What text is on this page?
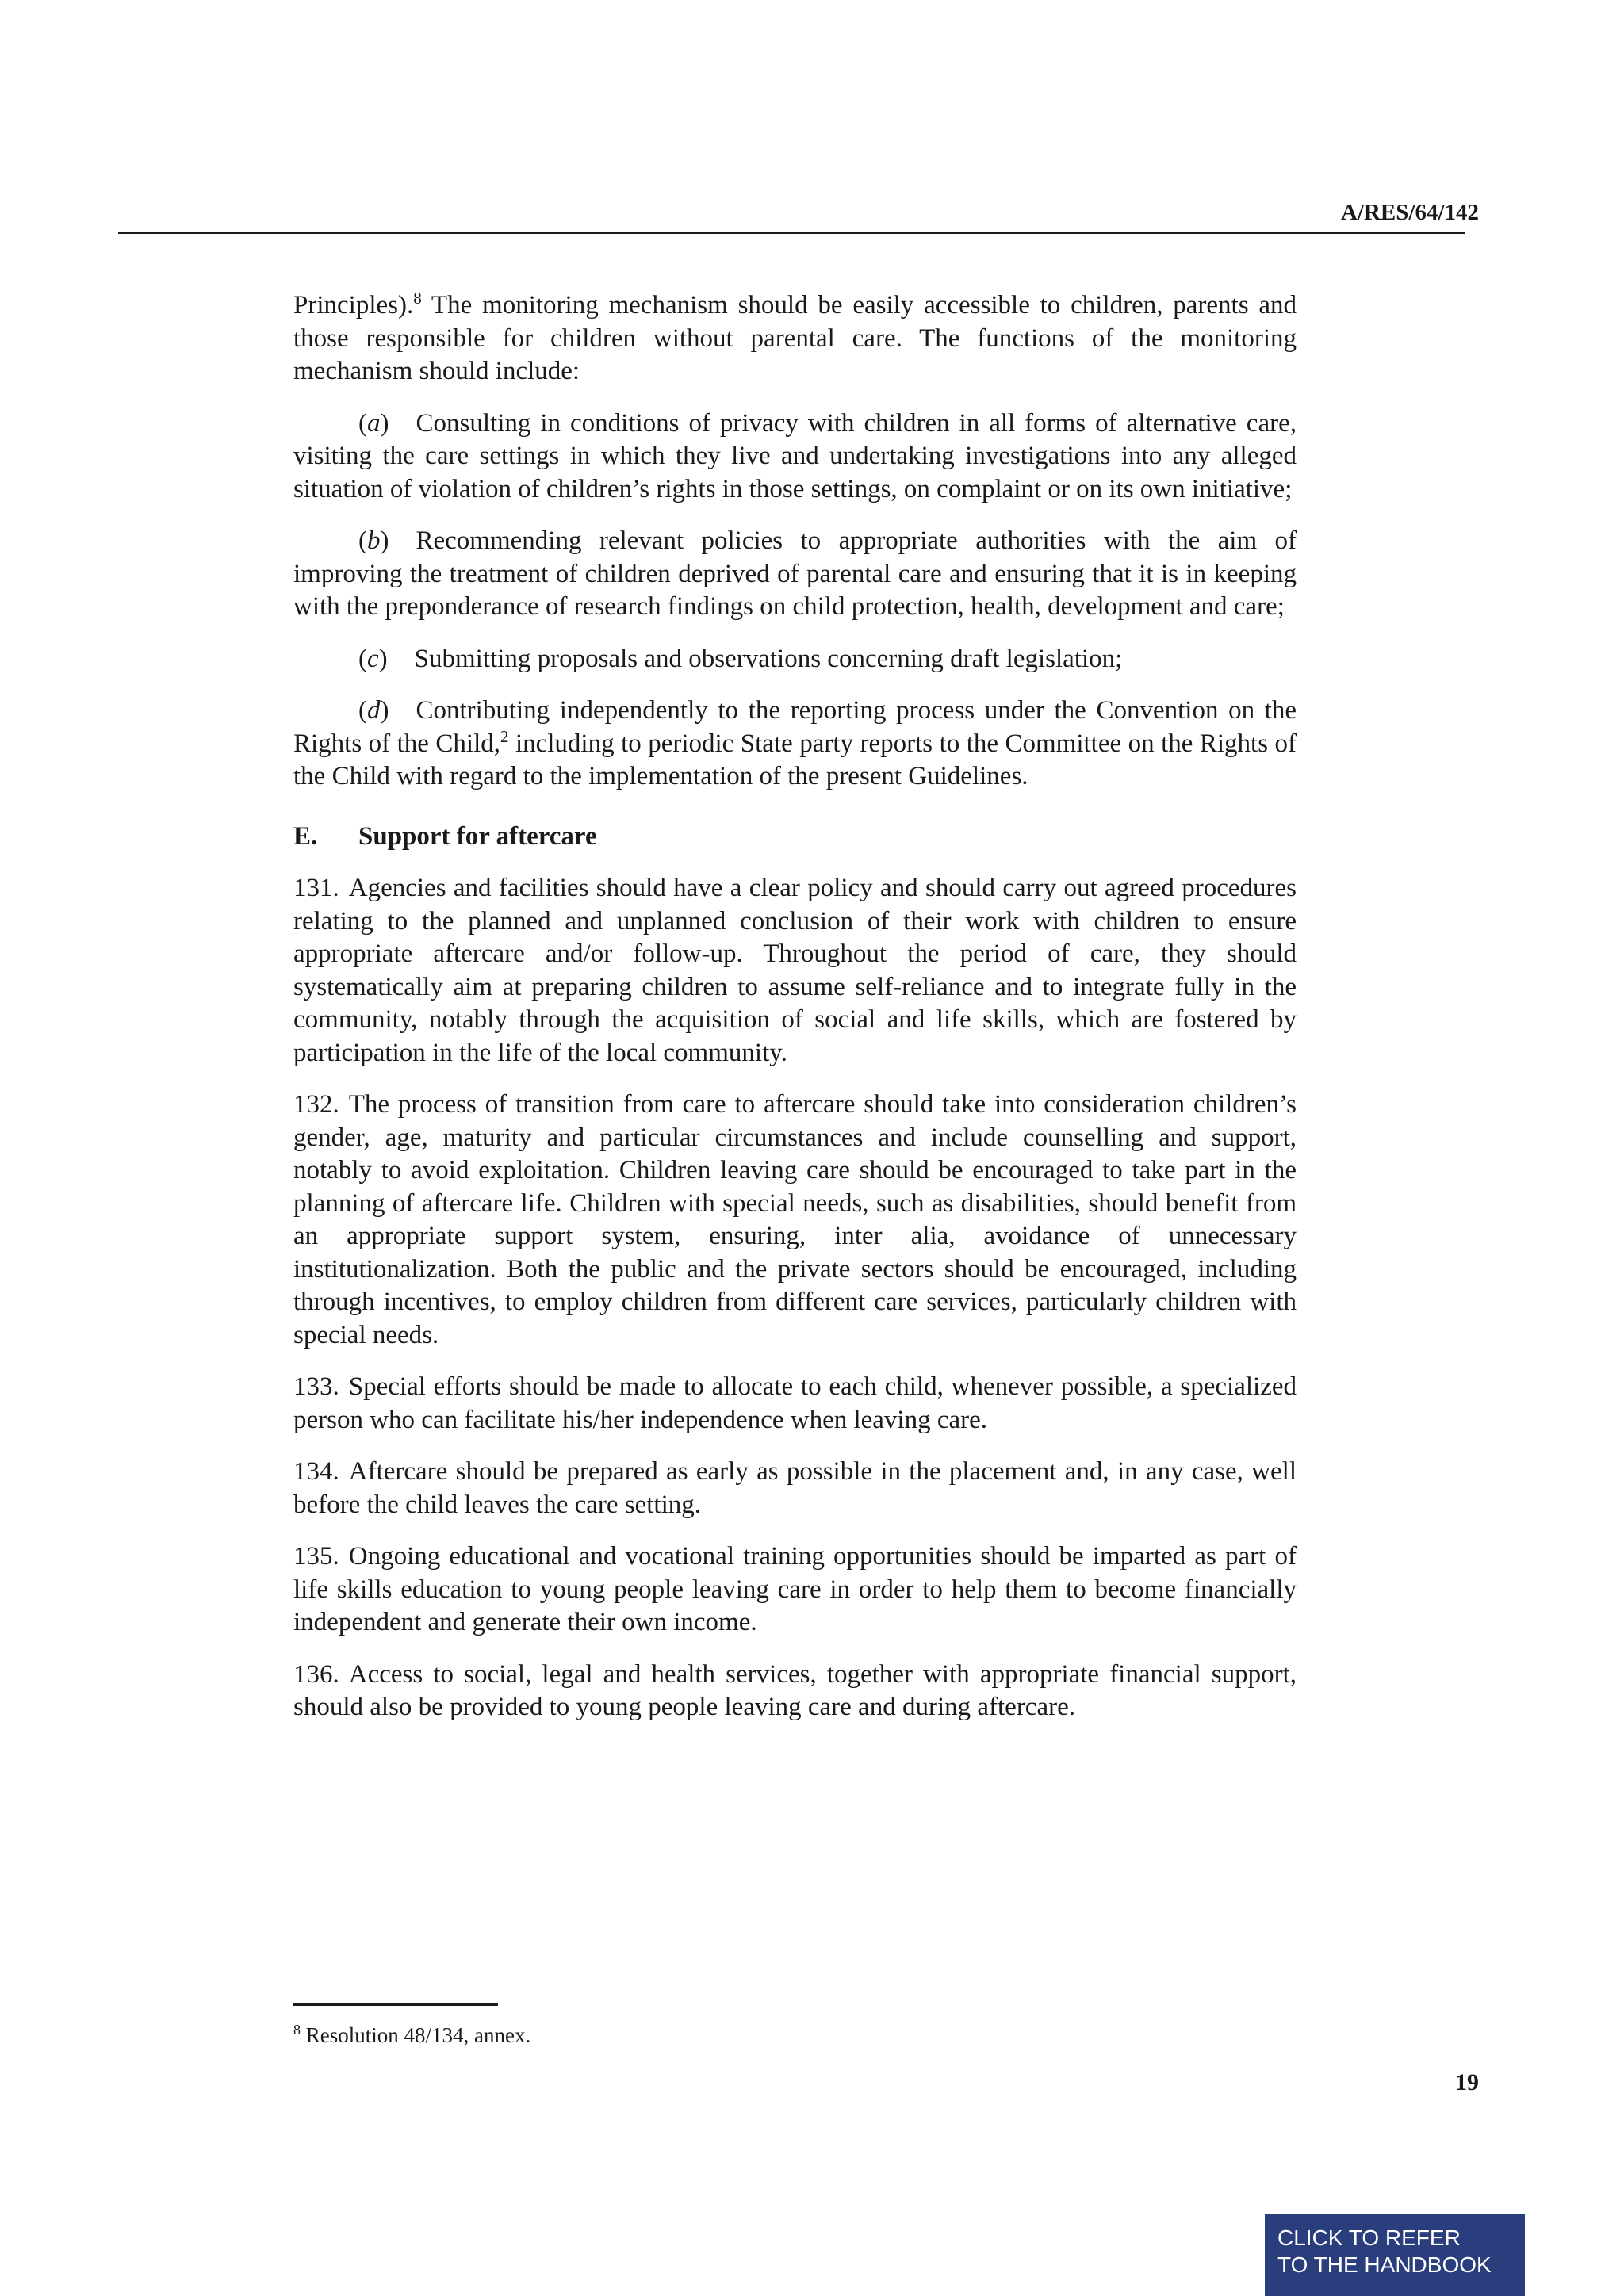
A/RES/64/142

Principles).$^8$ The monitoring mechanism should be easily accessible to children, parents and those responsible for children without parental care. The functions of the monitoring mechanism should include:

(a) Consulting in conditions of privacy with children in all forms of alternative care, visiting the care settings in which they live and undertaking investigations into any alleged situation of violation of children’s rights in those settings, on complaint or on its own initiative;

(b) Recommending relevant policies to appropriate authorities with the aim of improving the treatment of children deprived of parental care and ensuring that it is in keeping with the preponderance of research findings on child protection, health, development and care;

(c) Submitting proposals and observations concerning draft legislation;

(d) Contributing independently to the reporting process under the Convention on the Rights of the Child,$^2$ including to periodic State party reports to the Committee on the Rights of the Child with regard to the implementation of the present Guidelines.

E.	Support for aftercare

131. Agencies and facilities should have a clear policy and should carry out agreed procedures relating to the planned and unplanned conclusion of their work with children to ensure appropriate aftercare and/or follow-up. Throughout the period of care, they should systematically aim at preparing children to assume self-reliance and to integrate fully in the community, notably through the acquisition of social and life skills, which are fostered by participation in the life of the local community.

132. The process of transition from care to aftercare should take into consideration children’s gender, age, maturity and particular circumstances and include counselling and support, notably to avoid exploitation. Children leaving care should be encouraged to take part in the planning of aftercare life. Children with special needs, such as disabilities, should benefit from an appropriate support system, ensuring, inter alia, avoidance of unnecessary institutionalization. Both the public and the private sectors should be encouraged, including through incentives, to employ children from different care services, particularly children with special needs.

133. Special efforts should be made to allocate to each child, whenever possible, a specialized person who can facilitate his/her independence when leaving care.

134. Aftercare should be prepared as early as possible in the placement and, in any case, well before the child leaves the care setting.

135. Ongoing educational and vocational training opportunities should be imparted as part of life skills education to young people leaving care in order to help them to become financially independent and generate their own income.

136. Access to social, legal and health services, together with appropriate financial support, should also be provided to young people leaving care and during aftercare.

$^8$ Resolution 48/134, annex.
19
CLICK TO REFER
TO THE HANDBOOK
